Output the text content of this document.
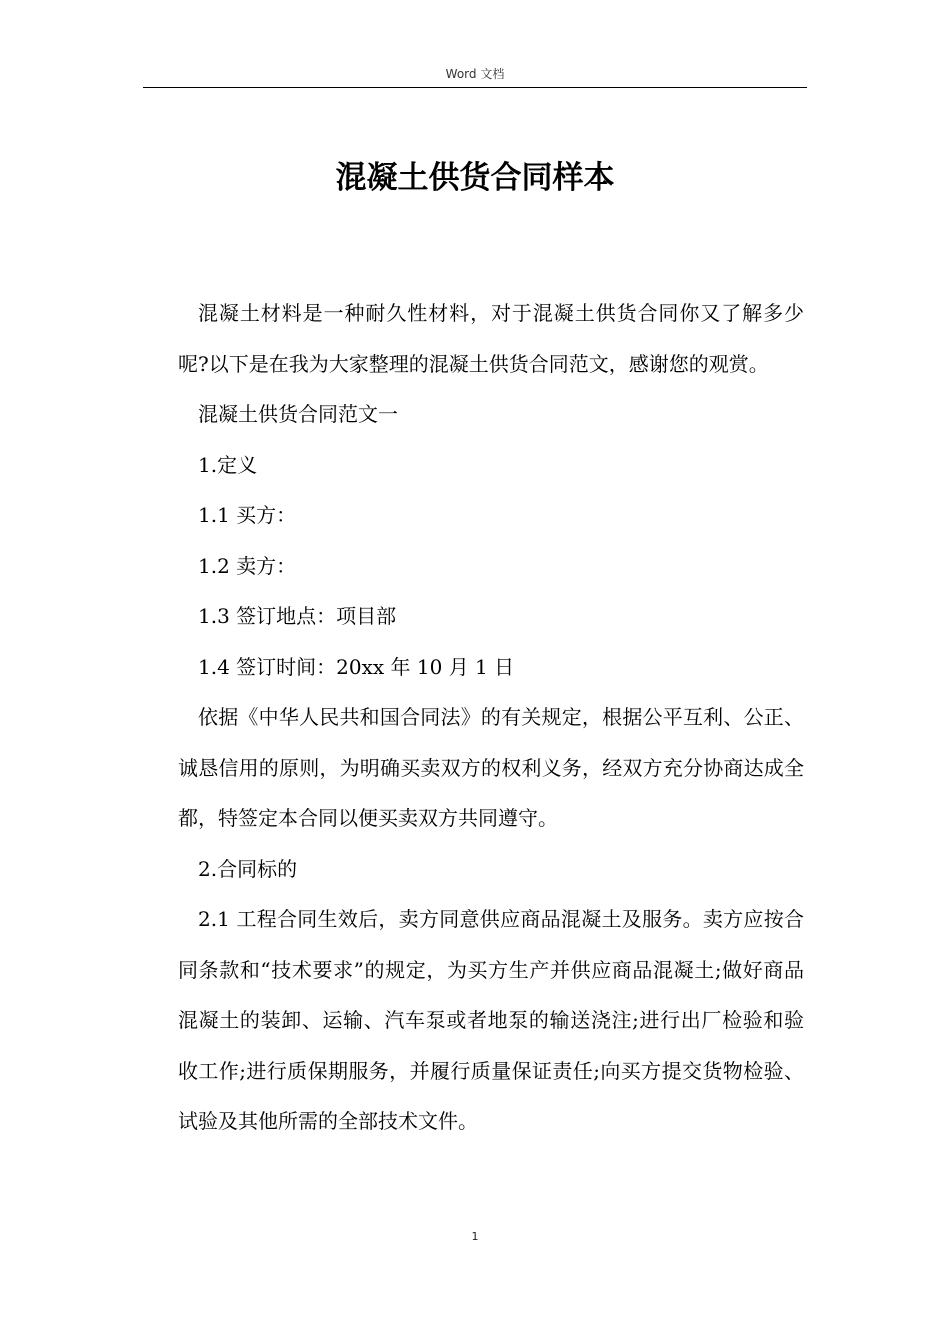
Word 文档
混凝土供货合同样本

混凝土材料是一种耐久性材料，对于混凝土供货合同你又了解多少呢?以下是在我为大家整理的混凝土供货合同范文，感谢您的观赏。

混凝土供货合同范文一

1.定义

1.1 买方：

1.2 卖方：

1.3 签订地点：项目部

1.4 签订时间：20xx 年 10 月 1 日

依据《中华人民共和国合同法》的有关规定，根据公平互利、公正、诚恳信用的原则，为明确买卖双方的权利义务，经双方充分协商达成全都，特签定本合同以便买卖双方共同遵守。

2.合同标的

2.1 工程合同生效后，卖方同意供应商品混凝土及服务。卖方应按合同条款和“技术要求”的规定，为买方生产并供应商品混凝土;做好商品混凝土的装卸、运输、汽车泵或者地泵的输送浇注;进行出厂检验和验收工作;进行质保期服务，并履行质量保证责任;向买方提交货物检验、试验及其他所需的全部技术文件。

1
